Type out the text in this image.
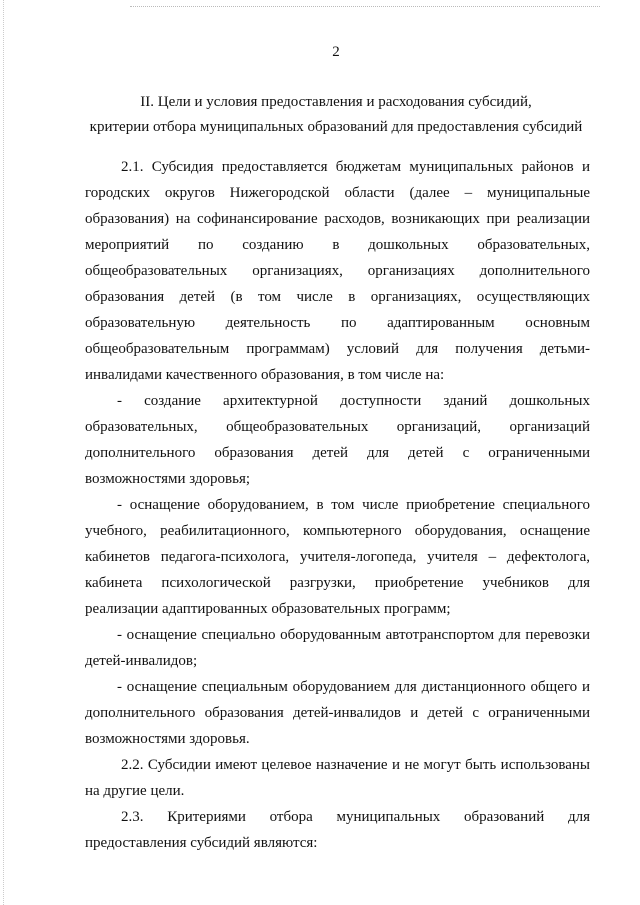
2
II. Цели и условия предоставления и расходования субсидий,
критерии отбора муниципальных образований для предоставления субсидий

2.1. Субсидия предоставляется бюджетам муниципальных районов и городских округов Нижегородской области (далее – муниципальные образования) на софинансирование расходов, возникающих при реализации мероприятий по созданию в дошкольных образовательных, общеобразовательных организациях, организациях дополнительного образования детей (в том числе в организациях, осуществляющих образовательную деятельность по адаптированным основным общеобразовательным программам) условий для получения детьми-инвалидами качественного образования, в том числе на:

- создание архитектурной доступности зданий дошкольных образовательных, общеобразовательных организаций, организаций дополнительного образования детей для детей с ограниченными возможностями здоровья;

- оснащение оборудованием, в том числе приобретение специального учебного, реабилитационного, компьютерного оборудования, оснащение кабинетов педагога-психолога, учителя-логопеда, учителя – дефектолога, кабинета психологической разгрузки, приобретение учебников для реализации адаптированных образовательных программ;

- оснащение специально оборудованным автотранспортом для перевозки детей-инвалидов;

- оснащение специальным оборудованием для дистанционного общего и дополнительного образования детей-инвалидов и детей с ограниченными возможностями здоровья.

2.2. Субсидии имеют целевое назначение и не могут быть использованы на другие цели.

2.3. Критериями отбора муниципальных образований для предоставления субсидий являются:
